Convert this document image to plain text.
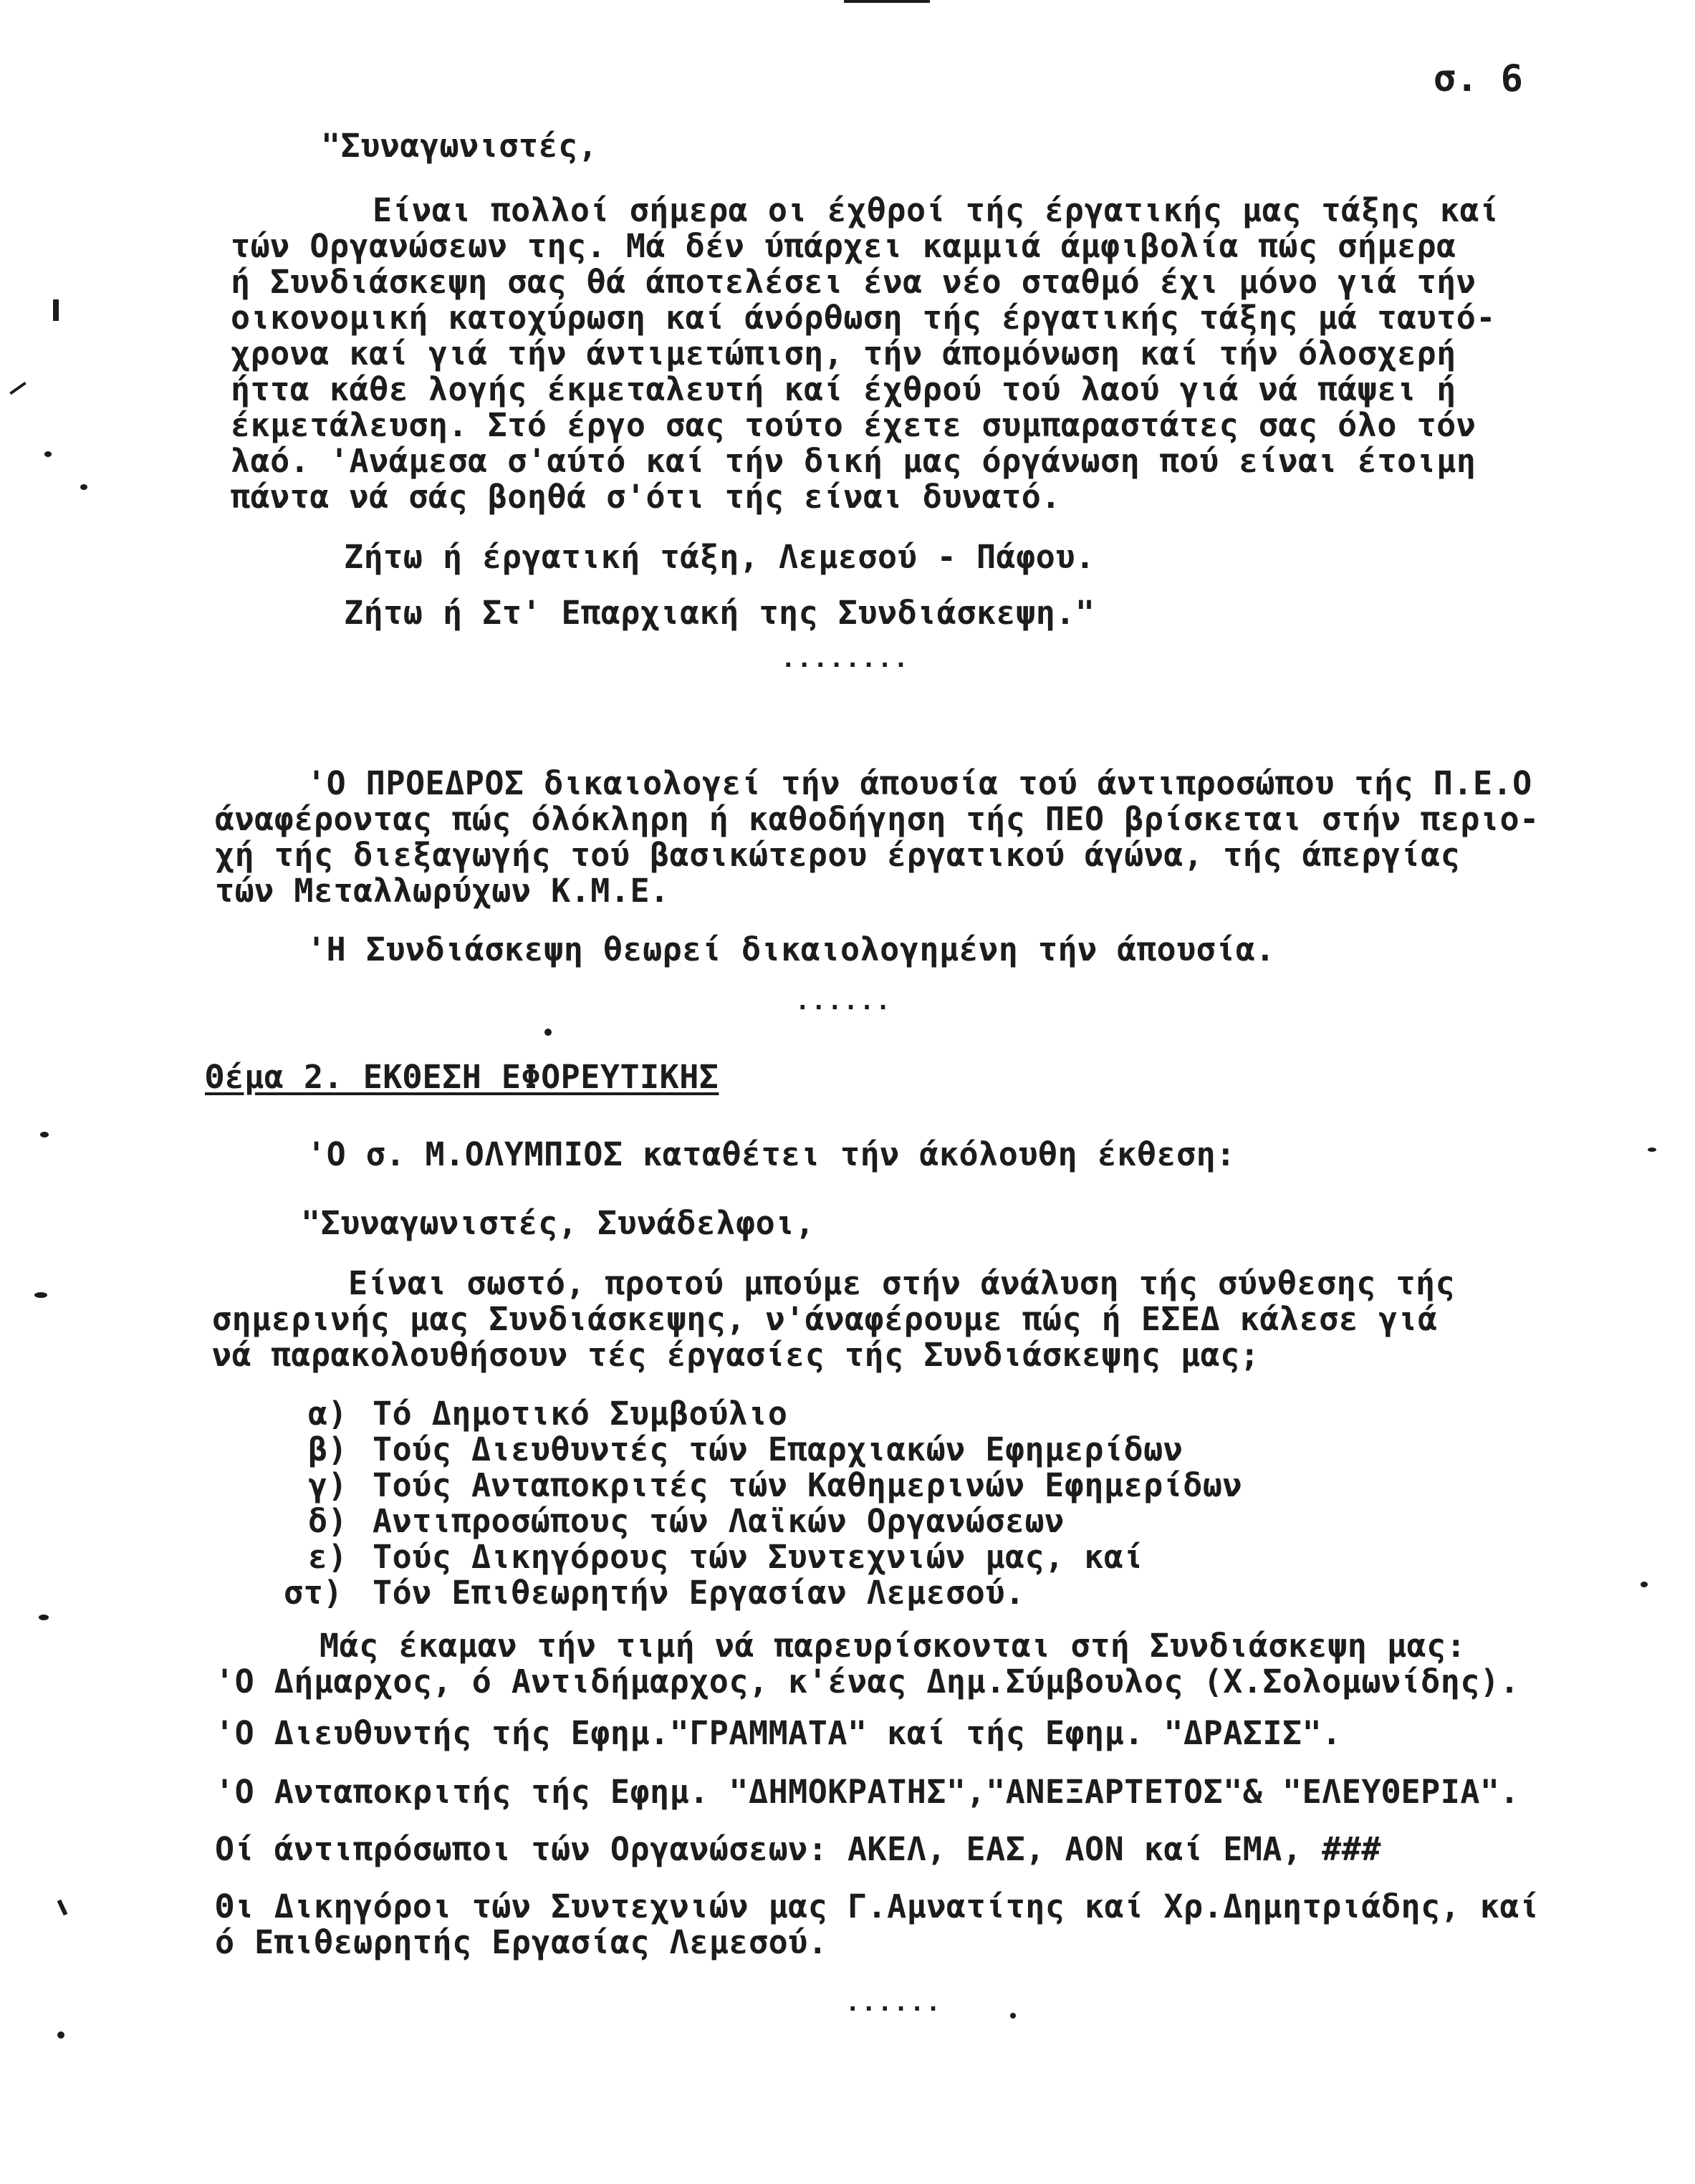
σ. 6
"Συναγωνιστές,
Είναι πολλοί σήμερα οι έχθροί τής έργατικής μας τάξης καί
τών Οργανώσεων της. Μά δέν ύπάρχει καμμιά άμφιβολία πώς σήμερα
ή Συνδιάσκεψη σας θά άποτελέσει ένα νέο σταθμό έχι μόνο γιά τήν
οικονομική κατοχύρωση καί άνόρθωση τής έργατικής τάξης μά ταυτό-
χρονα καί γιά τήν άντιμετώπιση, τήν άπομόνωση καί τήν όλοσχερή
ήττα κάθε λογής έκμεταλευτή καί έχθρού τού λαού γιά νά πάψει ή
έκμετάλευση. Στό έργο σας τούτο έχετε συμπαραστάτες σας όλο τόν
λαό. 'Ανάμεσα σ'αύτό καί τήν δική μας όργάνωση πού είναι έτοιμη
πάντα νά σάς βοηθά σ'ότι τής είναι δυνατό.
Ζήτω ή έργατική τάξη, Λεμεσού - Πάφου.
Ζήτω ή Στ' Επαρχιακή της Συνδιάσκεψη."
........
'Ο ΠΡΟΕΔΡΟΣ δικαιολογεί τήν άπουσία τού άντιπροσώπου τής Π.Ε.Ο
άναφέροντας πώς όλόκληρη ή καθοδήγηση τής ΠΕΟ βρίσκεται στήν περιο-
χή τής διεξαγωγής τού βασικώτερου έργατικού άγώνα, τής άπεργίας
τών Μεταλλωρύχων Κ.Μ.Ε.
'Η Συνδιάσκεψη θεωρεί δικαιολογημένη τήν άπουσία.
......
Θέμα 2. ΕΚΘΕΣΗ ΕΦΟΡΕΥΤΙΚΗΣ
'Ο σ. Μ.ΟΛΥΜΠΙΟΣ καταθέτει τήν άκόλουθη έκθεση:
"Συναγωνιστές, Συνάδελφοι,
Είναι σωστό, προτού μπούμε στήν άνάλυση τής σύνθεσης τής
σημερινής μας Συνδιάσκεψης, ν'άναφέρουμε πώς ή ΕΣΕΔ κάλεσε γιά
νά παρακολουθήσουν τές έργασίες τής Συνδιάσκεψης μας;
α) Τό Δημοτικό Συμβούλιο
β) Τούς Διευθυντές τών Επαρχιακών Εφημερίδων
γ) Τούς Ανταποκριτές τών Καθημερινών Εφημερίδων
δ) Αντιπροσώπους τών Λαϊκών Οργανώσεων
ε) Τούς Δικηγόρους τών Συντεχνιών μας, καί
στ) Τόν Επιθεωρητήν Εργασίαν Λεμεσού.
Μάς έκαμαν τήν τιμή νά παρευρίσκονται στή Συνδιάσκεψη μας:
'Ο Δήμαρχος, ό Αντιδήμαρχος, κ'ένας Δημ.Σύμβουλος (Χ.Σολομωνίδης).
'Ο Διευθυντής τής Εφημ."ΓΡΑΜΜΑΤΑ" καί τής Εφημ. "ΔΡΑΣΙΣ".
'Ο Ανταποκριτής τής Εφημ. "ΔΗΜΟΚΡΑΤΗΣ","ΑΝΕΞΑΡΤΕΤΟΣ"& "ΕΛΕΥΘΕΡΙΑ".
Οί άντιπρόσωποι τών Οργανώσεων: ΑΚΕΛ, ΕΑΣ, ΑΟΝ καί ΕΜΑ, ###
Θι Δικηγόροι τών Συντεχνιών μας Γ.Αμνατίτης καί Χρ.Δημητριάδης, καί
ό Επιθεωρητής Εργασίας Λεμεσού.
......
